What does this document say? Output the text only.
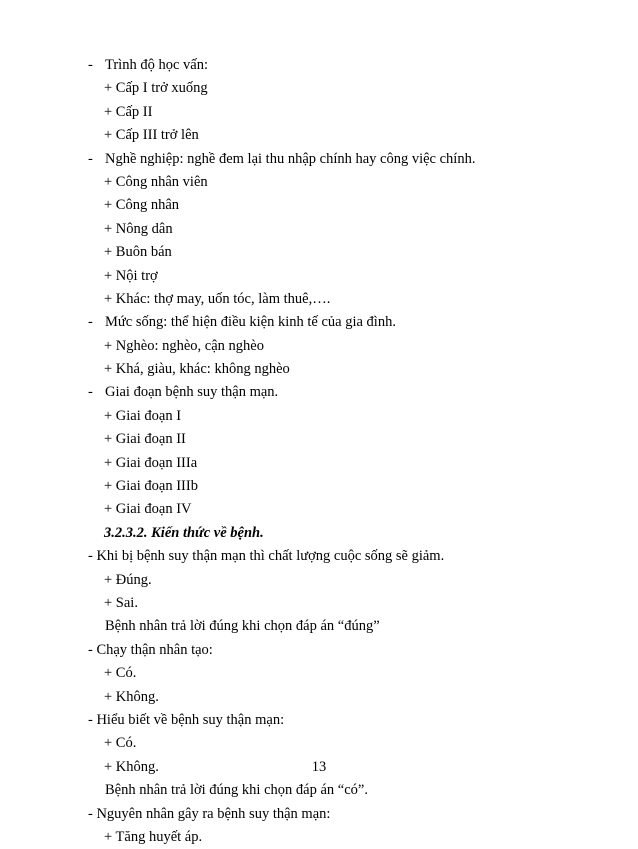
- Trình độ học vấn:
+ Cấp I trở xuống
+ Cấp II
+ Cấp III trở lên
- Nghề nghiệp: nghề đem lại thu nhập chính hay công việc chính.
+ Công nhân viên
+ Công nhân
+ Nông dân
+ Buôn bán
+ Nội trợ
+ Khác: thợ may, uốn tóc, làm thuê,….
- Mức sống: thể hiện điều kiện kinh tế của gia đình.
+ Nghèo: nghèo, cận nghèo
+ Khá, giàu, khác: không nghèo
- Giai đoạn bệnh suy thận mạn.
+ Giai đoạn I
+ Giai đoạn II
+ Giai đoạn IIIa
+ Giai đoạn IIIb
+ Giai đoạn IV
3.2.3.2. Kiến thức về bệnh.
- Khi bị bệnh suy thận mạn thì chất lượng cuộc sống sẽ giảm.
+ Đúng.
+ Sai.
Bệnh nhân trả lời đúng khi chọn đáp án “đúng”
- Chạy thận nhân tạo:
+ Có.
+ Không.
- Hiểu biết về bệnh suy thận mạn:
+ Có.
+ Không.
Bệnh nhân trả lời đúng khi chọn đáp án “có”.
- Nguyên nhân gây ra bệnh suy thận mạn:
+ Tăng huyết áp.
13
